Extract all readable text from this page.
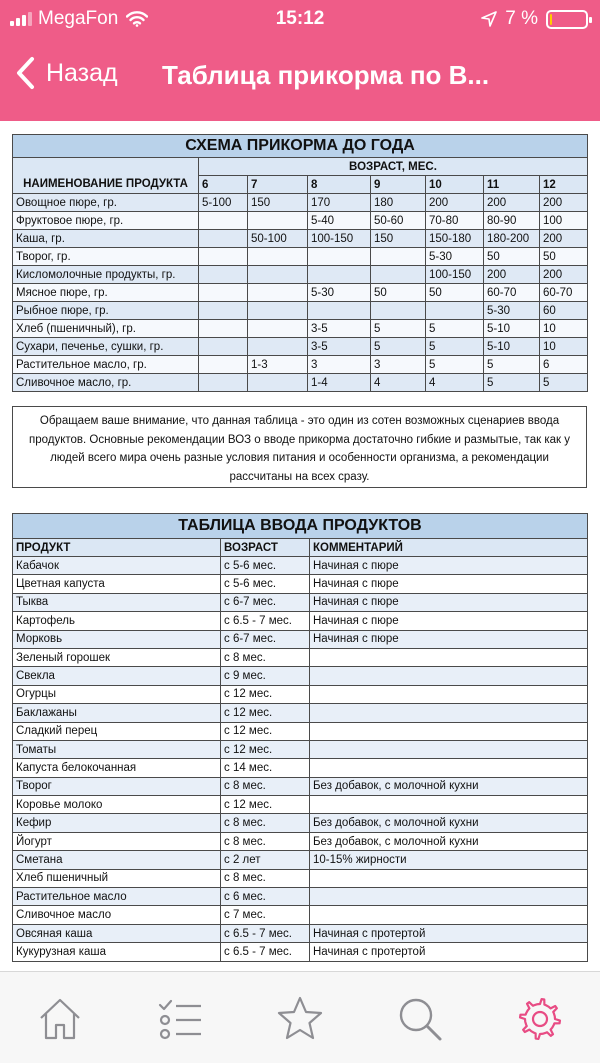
MegaFon	15:12	7 %
Назад Таблица прикорма по В...
СХЕМА ПРИКОРМА ДО ГОДА							
	ВОЗРАСТ, МЕС.						
НАИМЕНОВАНИЕ ПРОДУКТА	6	7	8	9	10	11	12
Овощное пюре, гр.	5-100	150	170	180	200	200	200
Фруктовое пюре, гр.			5-40	50-60	70-80	80-90	100
Каша, гр.		50-100	100-150	150	150-180	180-200	200
Творог, гр.					5-30	50	50
Кисломолочные продукты, гр.					100-150	200	200
Мясное пюре, гр.			5-30	50	50	60-70	60-70
Рыбное пюре, гр.						5-30	60
Хлеб (пшеничный), гр.			3-5	5	5	5-10	10
Сухари, печенье, сушки, гр.			3-5	5	5	5-10	10
Растительное масло, гр.		1-3	3	3	5	5	6
Сливочное масло, гр.			1-4	4	4	5	5
Обращаем ваше внимание, что данная таблица - это один из сотен возможных сценариев ввода продуктов. Основные рекомендации ВОЗ о вводе прикорма достаточно гибкие и размытые, так как у людей всего мира очень разные условия питания и особенности организма, а рекомендации рассчитаны на всех сразу.
ТАБЛИЦА ВВОДА ПРОДУКТОВ		
ПРОДУКТ	ВОЗРАСТ	КОММЕНТАРИЙ
Кабачок	с 5-6 мес.	Начиная с пюре
Цветная капуста	с 5-6 мес.	Начиная с пюре
Тыква	с 6-7 мес.	Начиная с пюре
Картофель	с 6.5 - 7 мес.	Начиная с пюре
Морковь	с 6-7 мес.	Начиная с пюре
Зеленый горошек	с 8 мес.	
Свекла	с 9 мес.	
Огурцы	с 12 мес.	
Баклажаны	с 12 мес.	
Сладкий перец	с 12 мес.	
Томаты	с 12 мес.	
Капуста белокочанная	с 14 мес.	
Творог	с 8 мес.	Без добавок, с молочной кухни
Коровье молоко	с 12 мес.	
Кефир	с 8 мес.	Без добавок, с молочной кухни
Йогурт	с 8 мес.	Без добавок, с молочной кухни
Сметана	с 2 лет	10-15% жирности
Хлеб пшеничный	с 8 мес.	
Растительное масло	с 6 мес.	
Сливочное масло	с 7 мес.	
Овсяная каша	с 6.5 - 7 мес.	Начиная с протертой
Кукурузная каша	с 6.5 - 7 мес.	Начиная с протертой
